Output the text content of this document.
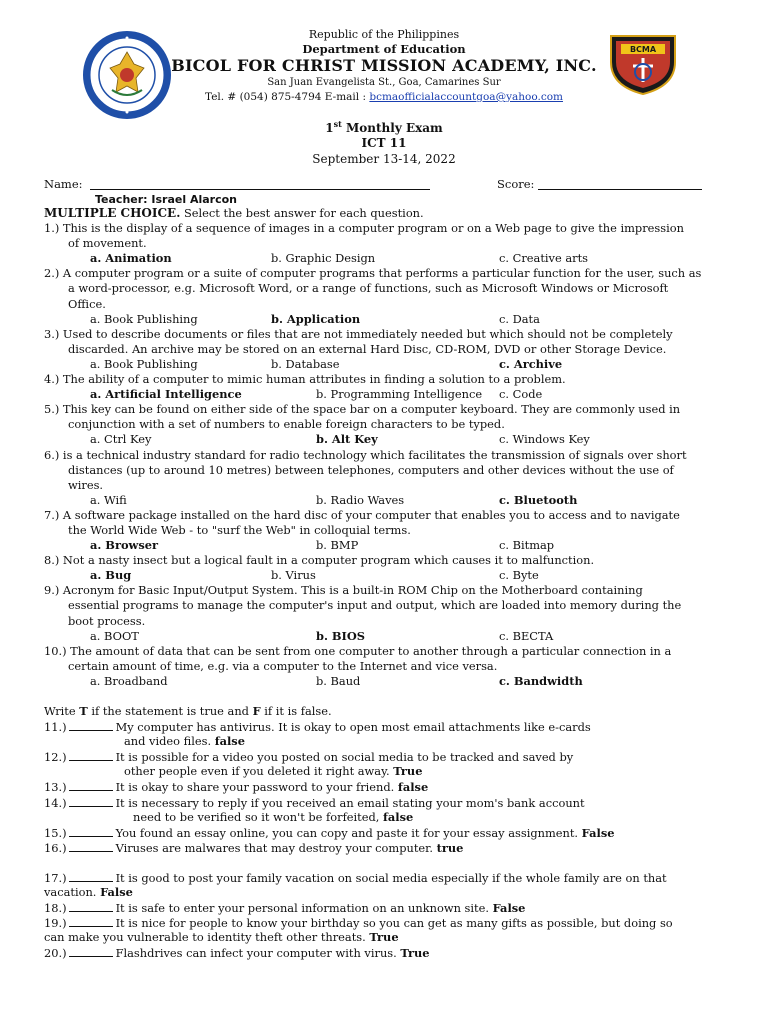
BCMA
Republic of the Philippines
Department of Education
BICOL FOR CHRIST MISSION ACADEMY, INC.
San Juan Evangelista St., Goa, Camarines Sur
Tel. # (054) 875-4794 E-mail : bcmaofficialaccountgoa@yahoo.com
1st Monthly Exam
ICT 11
September 13-14, 2022
Name:	Score:
Teacher: Israel Alarcon
MULTIPLE CHOICE. Select the best answer for each question.
1.) This is the display of a sequence of images in a computer program or on a Web page to give the impression
of movement.
a. Animation	b. Graphic Design	c. Creative arts
2.) A computer program or a suite of computer programs that performs a particular function for the user, such as
a word-processor, e.g. Microsoft Word, or a range of functions, such as Microsoft Windows or Microsoft
Office.
a. Book Publishing	b. Application	c. Data
3.) Used to describe documents or files that are not immediately needed but which should not be completely
discarded. An archive may be stored on an external Hard Disc, CD-ROM, DVD or other Storage Device.
a. Book Publishing	b. Database	c. Archive
4.) The ability of a computer to mimic human attributes in finding a solution to a problem.
a. Artificial Intelligence	b. Programming Intelligence c. Code
5.) This key can be found on either side of the space bar on a computer keyboard. They are commonly used in
conjunction with a set of numbers to enable foreign characters to be typed.
a. Ctrl Key	b. Alt Key	c. Windows Key
6.) is a technical industry standard for radio technology which facilitates the transmission of signals over short
distances (up to around 10 metres) between telephones, computers and other devices without the use of
wires.
a. Wifi	b. Radio Waves	c. Bluetooth
7.) A software package installed on the hard disc of your computer that enables you to access and to navigate
the World Wide Web - to "surf the Web" in colloquial terms.
a. Browser	b. BMP	c. Bitmap
8.) Not a nasty insect but a logical fault in a computer program which causes it to malfunction.
a. Bug	b. Virus	c. Byte
9.) Acronym for Basic Input/Output System. This is a built-in ROM Chip on the Motherboard containing
essential programs to manage the computer's input and output, which are loaded into memory during the
boot process.
a. BOOT	b. BIOS	c. BECTA
10.) The amount of data that can be sent from one computer to another through a particular connection in a
certain amount of time, e.g. via a computer to the Internet and vice versa.
a. Broadband	b. Baud	c. Bandwidth
Write T if the statement is true and F if it is false.
11.)	My computer has antivirus. It is okay to open most email attachments like e-cards
and video files. false
12.)	It is possible for a video you posted on social media to be tracked and saved by
other people even if you deleted it right away. True
13.)	It is okay to share your password to your friend. false
14.)	It is necessary to reply if you received an email stating your mom's bank account
need to be verified so it won't be forfeited, false
15.)	You found an essay online, you can copy and paste it for your essay assignment. False
16.)	Viruses are malwares that may destroy your computer. true
17.)	It is good to post your family vacation on social media especially if the whole family are on that
vacation. False
18.)	It is safe to enter your personal information on an unknown site. False
19.)	It is nice for people to know your birthday so you can get as many gifts as possible, but doing so
can make you vulnerable to identity theft other threats. True
20.)	Flashdrives can infect your computer with virus. True
